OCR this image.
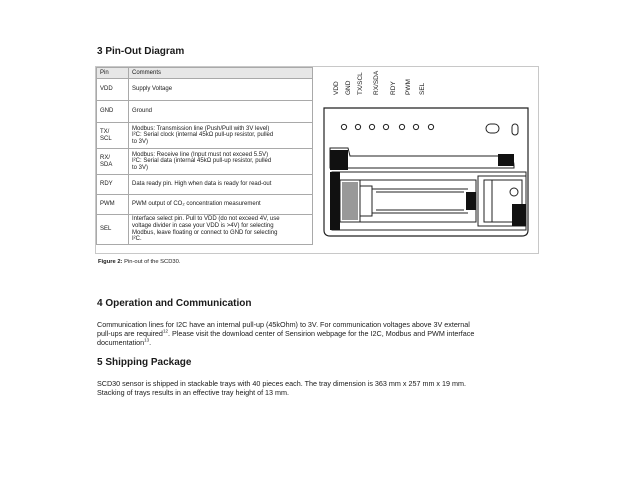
3 Pin-Out Diagram
Pin	Comments
VDD	Supply Voltage
GND	Ground
TX/
SCL	Modbus: Transmission line (Push/Pull with 3V level)
I²C: Serial clock (internal 45kΩ pull-up resistor, pulled
to 3V)
RX/
SDA	Modbus: Receive line (Input must not exceed 5.5V)
I²C: Serial data (internal 45kΩ pull-up resistor, pulled
to 3V)
RDY	Data ready pin. High when data is ready for read-out
PWM	PWM output of CO₂ concentration measurement
SEL	Interface select pin. Pull to VDD (do not exceed 4V, use
voltage divider in case your VDD is >4V) for selecting
Modbus, leave floating or connect to GND for selecting
I²C.
VDD GND TX/SCL RX/SDA RDY PWM SEL
Figure 2: Pin-out of the SCD30.
4 Operation and Communication

Communication lines for I2C have an internal pull-up (45kOhm) to 3V. For communication voltages above 3V external

pull-ups are required$^{12}$. Please visit the download center of Sensirion webpage for the I2C, Modbus and PWM interface

documentation$^{13}$.

5 Shipping Package

SCD30 sensor is shipped in stackable trays with 40 pieces each. The tray dimension is 363 mm x 257 mm x 19 mm.

Stacking of trays results in an effective tray height of 13 mm.
